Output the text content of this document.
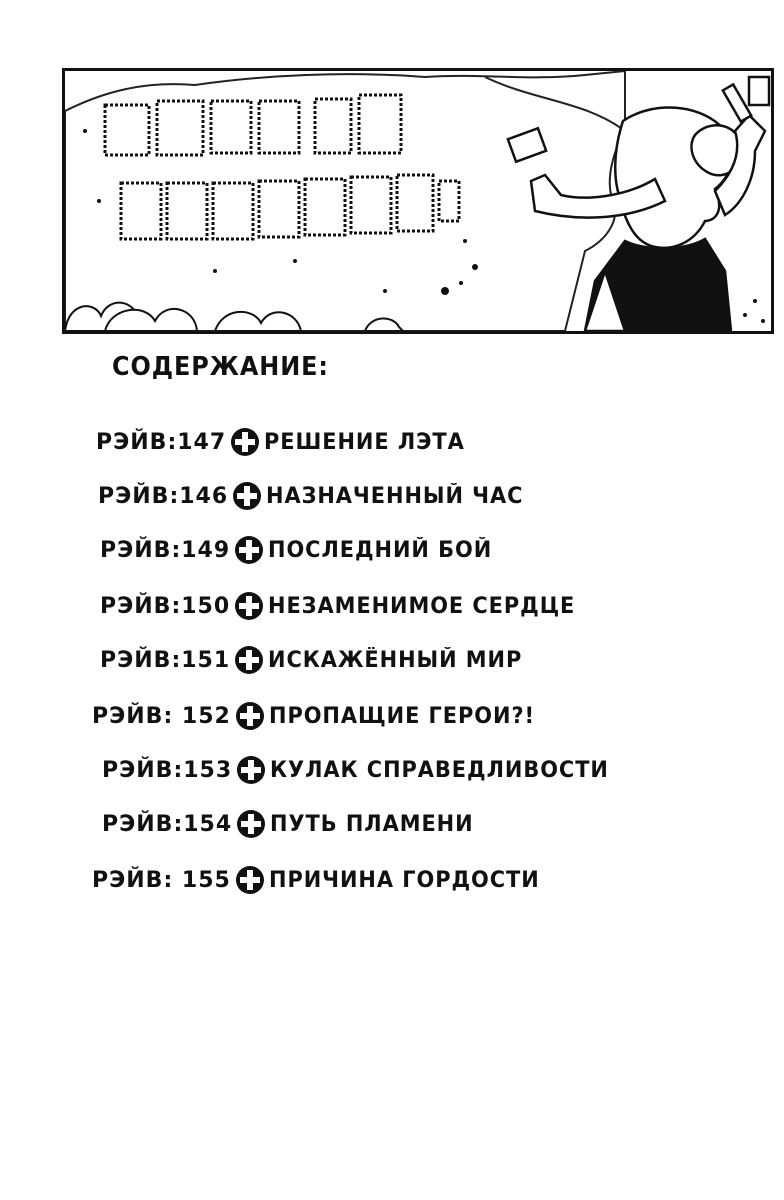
СОДЕРЖАНИЕ:
РЭЙВ:147 РЕШЕНИЕ ЛЭТА
РЭЙВ:146 НАЗНАЧЕННЫЙ ЧАС
РЭЙВ:149 ПОСЛЕДНИЙ БОЙ
РЭЙВ:150 НЕЗАМЕНИМОЕ СЕРДЦЕ
РЭЙВ:151 ИСКАЖЁННЫЙ МИР
РЭЙВ: 152 ПРОПАЩИЕ ГЕРОИ?!
РЭЙВ:153 КУЛАК СПРАВЕДЛИВОСТИ
РЭЙВ:154 ПУТЬ ПЛАМЕНИ
РЭЙВ: 155 ПРИЧИНА ГОРДОСТИ
